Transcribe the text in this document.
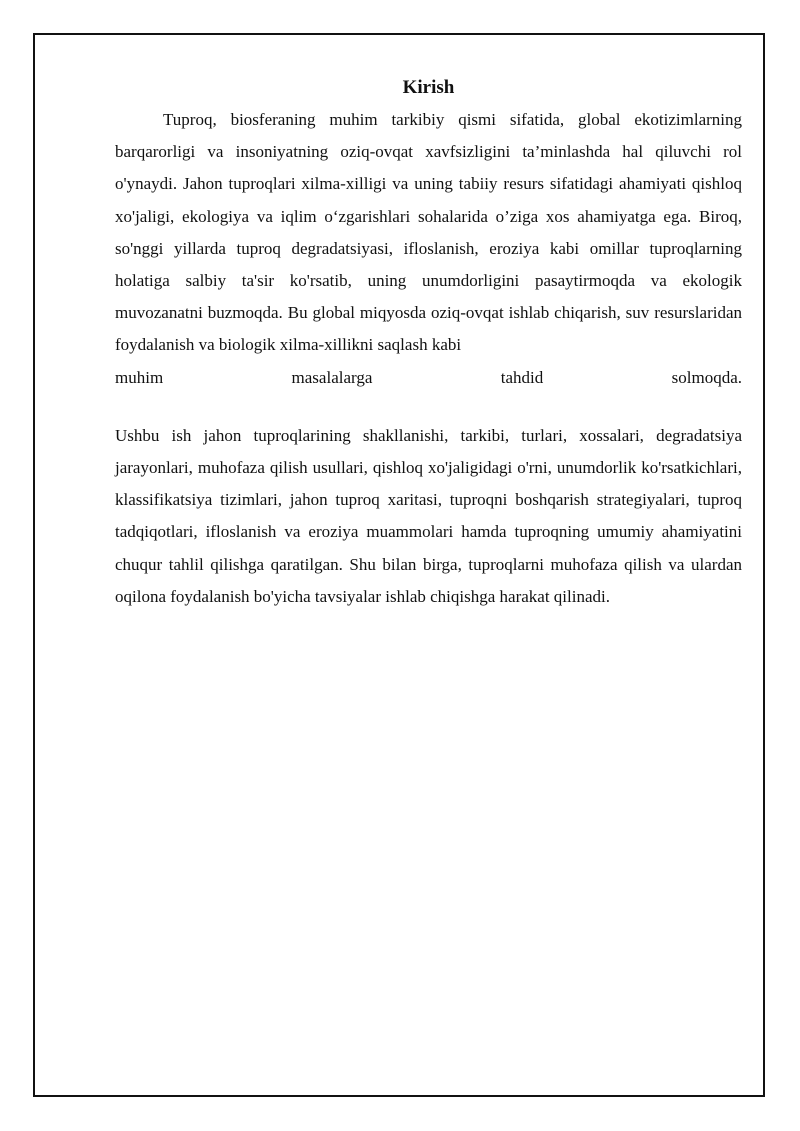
Kirish

Tuproq, biosferaning muhim tarkibiy qismi sifatida, global ekotizimlarning barqarorligi va insoniyatning oziq-ovqat xavfsizligini ta’minlashda hal qiluvchi rol o'ynaydi. Jahon tuproqlari xilma-xilligi va uning tabiiy resurs sifatidagi ahamiyati qishloq xo'jaligi, ekologiya va iqlim o‘zgarishlari sohalarida o’ziga xos ahamiyatga ega. Biroq, so'nggi yillarda tuproq degradatsiyasi, ifloslanish, eroziya kabi omillar tuproqlarning holatiga salbiy ta'sir ko'rsatib, uning unumdorligini pasaytirmoqda va ekologik muvozanatni buzmoqda. Bu global miqyosda oziq-ovqat ishlab chiqarish, suv resurslaridan foydalanish va biologik xilma-xillikni saqlash kabi

muhim masalalarga tahdid solmoqda.

Ushbu ish jahon tuproqlarining shakllanishi, tarkibi, turlari, xossalari, degradatsiya jarayonlari, muhofaza qilish usullari, qishloq xo'jaligidagi o'rni, unumdorlik ko'rsatkichlari, klassifikatsiya tizimlari, jahon tuproq xaritasi, tuproqni boshqarish strategiyalari, tuproq tadqiqotlari, ifloslanish va eroziya muammolari hamda tuproqning umumiy ahamiyatini chuqur tahlil qilishga qaratilgan. Shu bilan birga, tuproqlarni muhofaza qilish va ulardan oqilona foydalanish bo'yicha tavsiyalar ishlab chiqishga harakat qilinadi.
